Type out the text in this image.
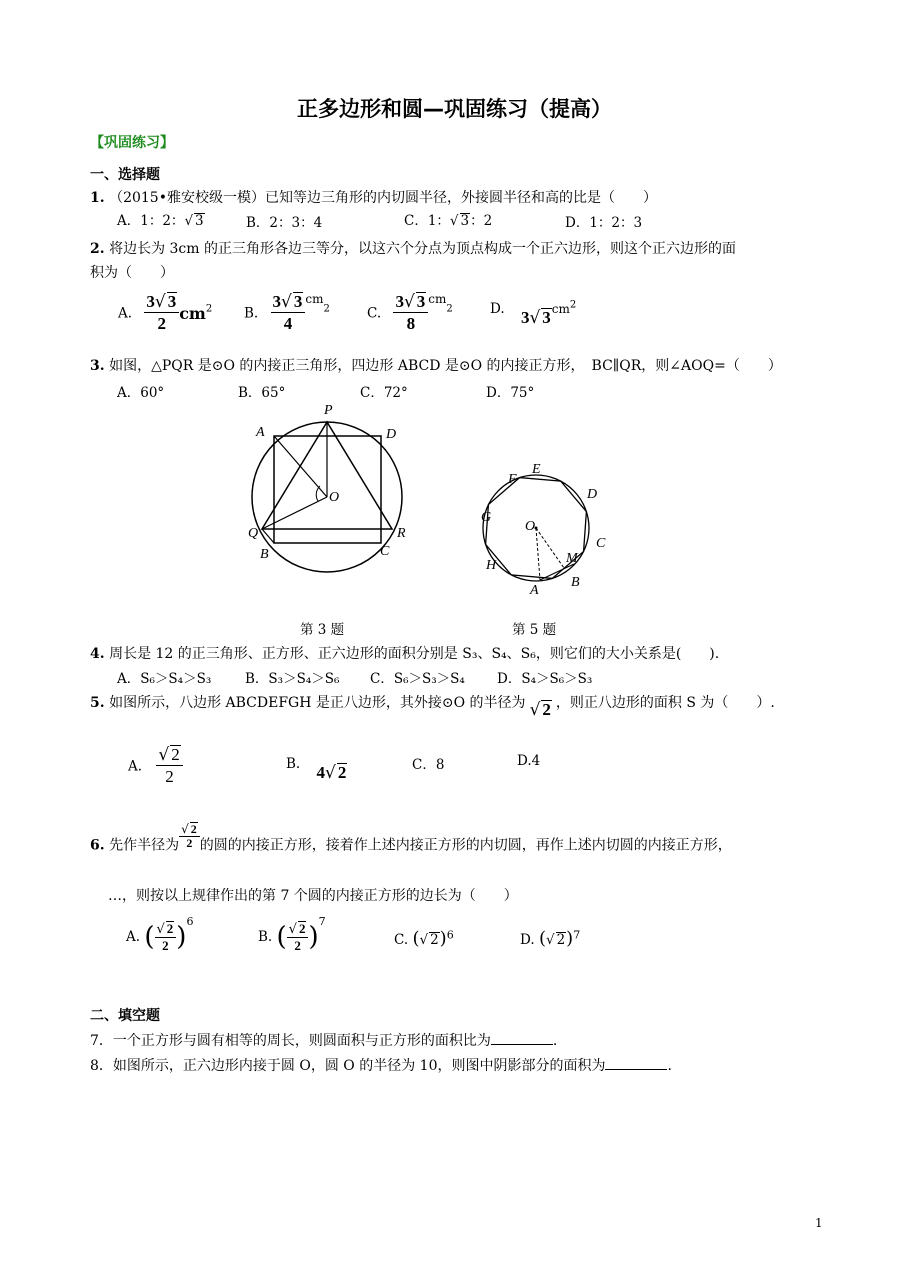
正多边形和圆—巩固练习（提高）
【巩固练习】
一、选择题
1. （2015•雅安校级一模）已知等边三角形的内切圆半径，外接圆半径和高的比是（　　）
A．1：2：√ 3	B．2：3：4	C．1：√ 3：2	D．1：2：3
2. 将边长为 3cm 的正三角形各边三等分，以这六个分点为顶点构成一个正六边形，则这个正六边形的面
积为（　　）
A. $\frac{3√ 3}{2} cm^2$ B. $\frac{3√ 3}{4} cm^2$	C. $\frac{3√ 3}{8} cm^2$	D. 3√ $3cm^2$
3. 如图，△PQR 是⊙O 的内接正三角形，四边形 ABCD 是⊙O 的内接正方形，　BC∥QR，则∠AOQ=（　　）
A．60°	B．65°	C．72°	D．75°
P
A	D
O
Q	R
B	C
E
F
D
G
O
C
M
H
B
A
第 3 题	第 5 题
4. 周长是 12 的正三角形、正方形、正六边形的面积分别是 S₃、S₄、S₆，则它们的大小关系是(　　).
A．S₆＞S₄＞S₃	B．S₃＞S₄＞S₆ C．S₆＞S₃＞S₄ D．S₄＞S₆＞S₃
5. 如图所示，八边形 ABCDEFGH 是正八边形，其外接⊙O 的半径为 √ 2 ，则正八边形的面积 S 为（　　）.
A. $\frac{√ 2}{2}$	B. 4√ 2	C．8	D.4
6. 先作半径为 $\frac{√ 2}{2}$ 的圆的内接正方形，接着作上述内接正方形的内切圆，再作上述内切圆的内接正方形，
…，则按以上规律作出的第 7 个圆的内接正方形的边长为（　　）
A. ( $\frac{√ 2}{2} )^6$
B. ( $\frac{√ 2}{2} )^7$
C. (√ 2)$^6$	D. (√ 2)$^7$
二、填空题
7．一个正方形与圆有相等的周长，则圆面积与正方形的面积比为	.
8．如图所示，正六边形内接于圆 O，圆 O 的半径为 10，则图中阴影部分的面积为	.
1
